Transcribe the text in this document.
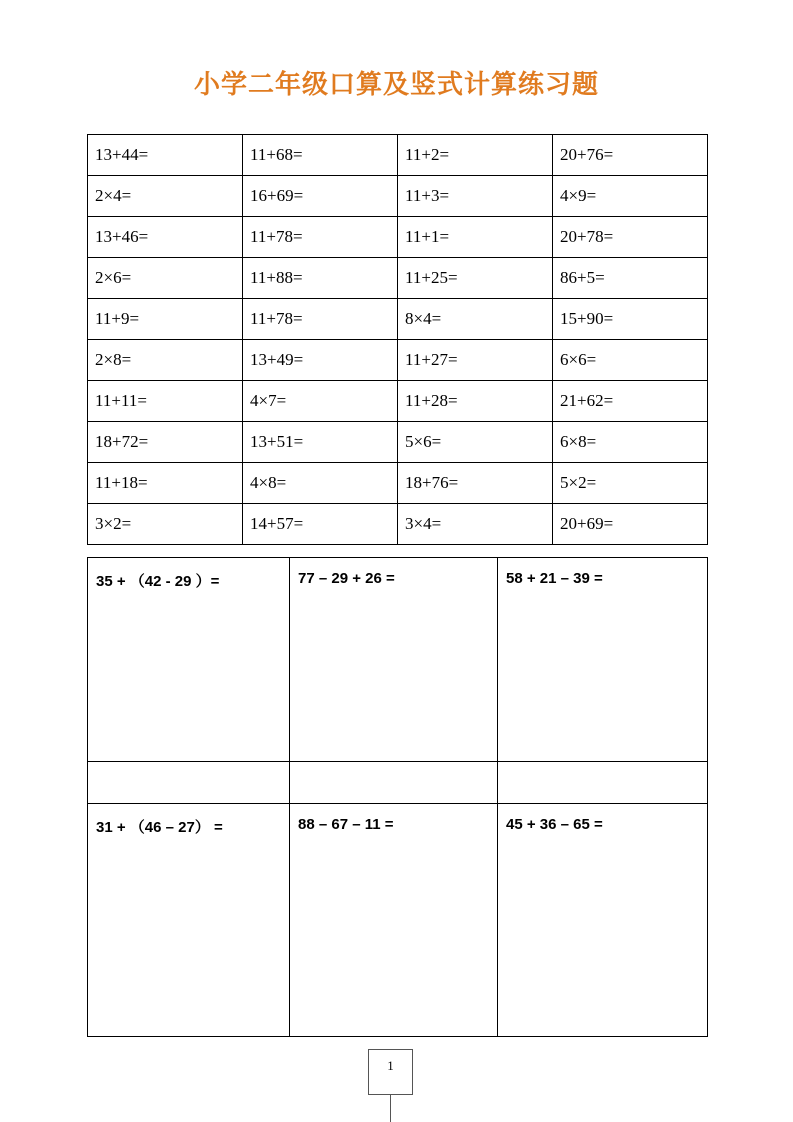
小学二年级口算及竖式计算练习题
13+44=	11+68=	11+2=	20+76=
2×4=	16+69=	11+3=	4×9=
13+46=	11+78=	11+1=	20+78=
2×6=	11+88=	11+25=	86+5=
11+9=	11+78=	8×4=	15+90=
2×8=	13+49=	11+27=	6×6=
11+11=	4×7=	11+28=	21+62=
18+72=	13+51=	5×6=	6×8=
11+18=	4×8=	18+76=	5×2=
3×2=	14+57=	3×4=	20+69=
35 + （42 - 29 ）=	77 – 29 + 26 =	58 + 21 – 39 =

31 + （46 – 27） =	88 – 67 – 11 =	45 + 36 – 65 =
1
